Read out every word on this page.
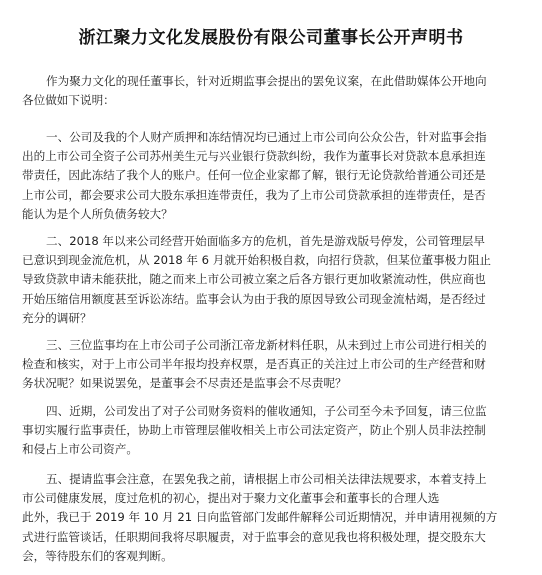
浙江聚力文化发展股份有限公司董事长公开声明书

作为聚力文化的现任董事长，针对近期监事会提出的罢免议案，在此借助媒体公开地向
各位做如下说明：

一、公司及我的个人财产质押和冻结情况均已通过上市公司向公众公告，针对监事会指
出的上市公司全资子公司苏州美生元与兴业银行贷款纠纷，我作为董事长对贷款本息承担连
带责任，因此冻结了我个人的账户。任何一位企业家都了解，银行无论贷款给普通公司还是
上市公司，都会要求公司大股东承担连带责任，我为了上市公司贷款承担的连带责任，是否
能认为是个人所负债务较大？

二、2018 年以来公司经营开始面临多方的危机，首先是游戏版号停发，公司管理层早
已意识到现金流危机，从 2018 年 6 月就开始积极自救，向招行贷款，但某位董事极力阻止
导致贷款申请未能获批，随之而来上市公司被立案之后各方银行更加收紧流动性，供应商也
开始压缩信用额度甚至诉讼冻结。监事会认为由于我的原因导致公司现金流枯竭，是否经过
充分的调研？

三、三位监事均在上市公司子公司浙江帝龙新材料任职，从未到过上市公司进行相关的
检查和核实，对于上市公司半年报均投弃权票，是否真正的关注过上市公司的生产经营和财
务状况呢？如果说罢免，是董事会不尽责还是监事会不尽责呢？

四、近期，公司发出了对子公司财务资料的催收通知，子公司至今未予回复，请三位监
事切实履行监事责任，协助上市管理层催收相关上市公司法定资产，防止个别人员非法控制
和侵占上市公司资产。

五、提请监事会注意，在罢免我之前，请根据上市公司相关法律法规要求，本着支持上
市公司健康发展，度过危机的初心，提出对于聚力文化董事会和董事长的合理人选
此外，我已于 2019 年 10 月 21 日向监管部门发邮件解释公司近期情况，并申请用视频的方
式进行监管谈话，任职期间我将尽职履责，对于监事会的意见我也将积极处理，提交股东大
会，等待股东们的客观判断。
